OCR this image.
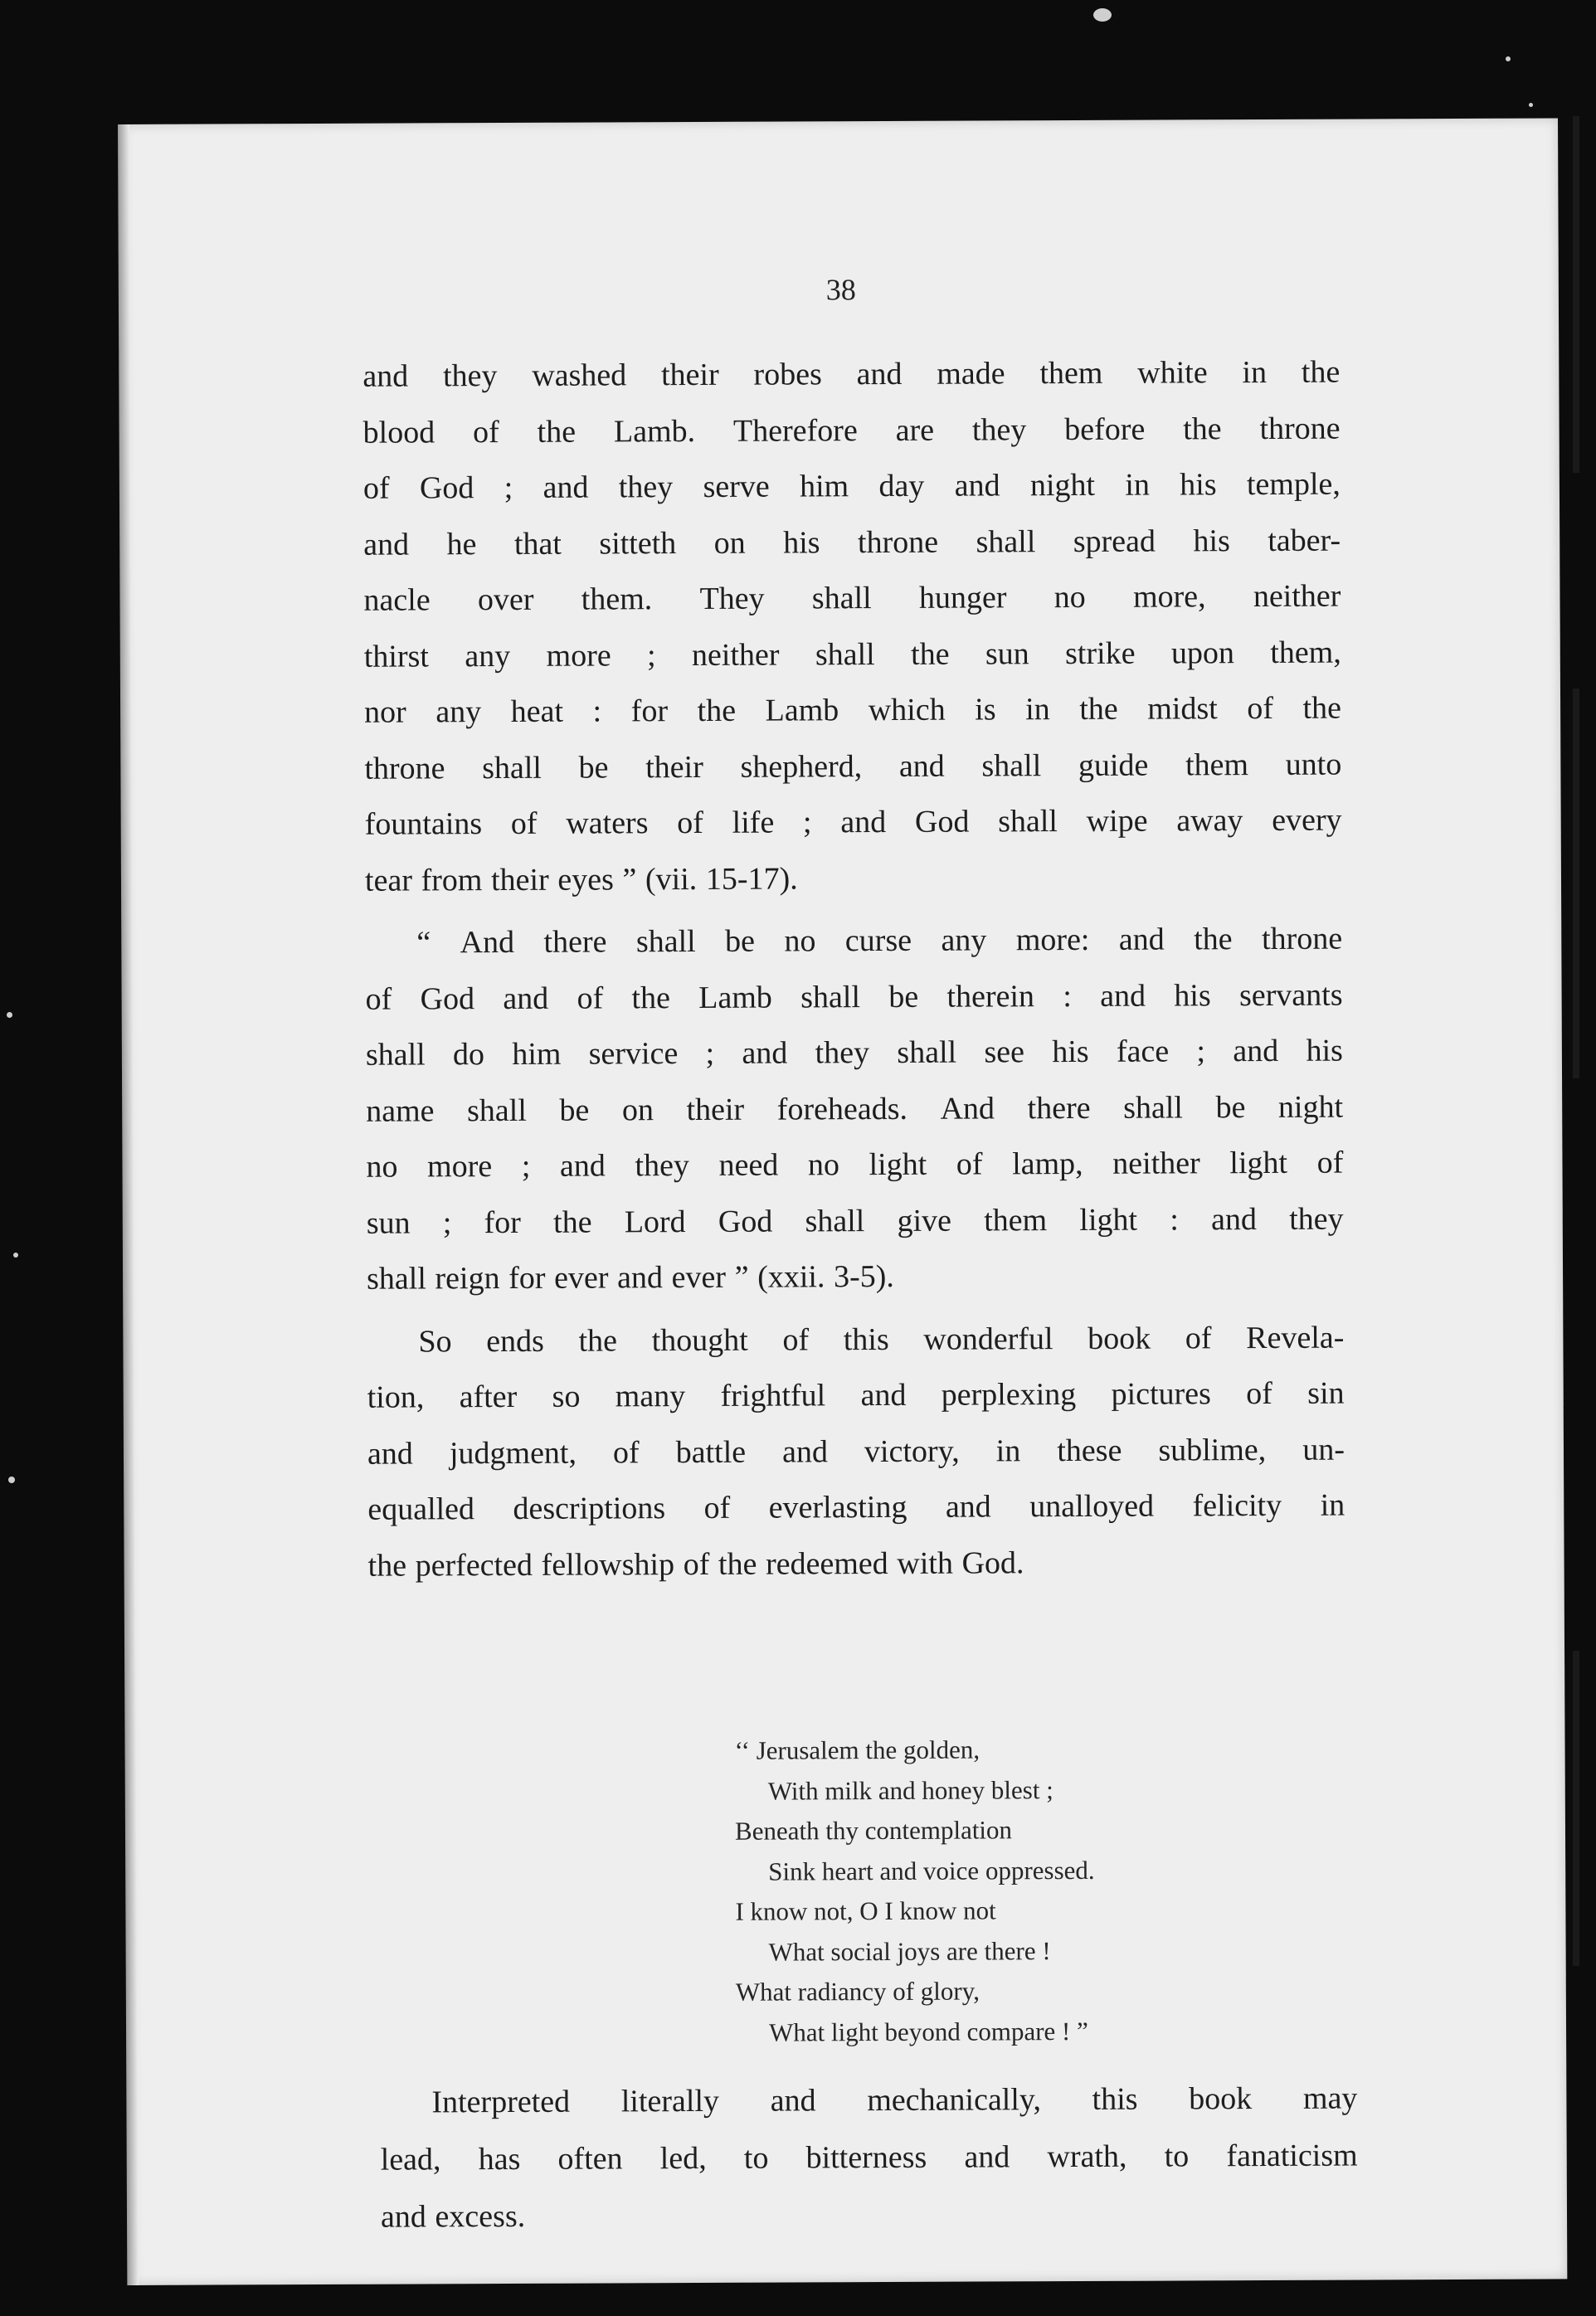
38
and they washed their robes and made them white in the
blood of the Lamb. Therefore are they before the throne
of God ; and they serve him day and night in his temple,
and he that sitteth on his throne shall spread his taber-
nacle over them. They shall hunger no more, neither
thirst any more ; neither shall the sun strike upon them,
nor any heat : for the Lamb which is in the midst of the
throne shall be their shepherd, and shall guide them unto
fountains of waters of life ; and God shall wipe away every
tear from their eyes ” (vii. 15-17).
“ And there shall be no curse any more: and the throne
of God and of the Lamb shall be therein : and his servants
shall do him service ; and they shall see his face ; and his
name shall be on their foreheads. And there shall be night
no more ; and they need no light of lamp, neither light of
sun ; for the Lord God shall give them light : and they
shall reign for ever and ever ” (xxii. 3-5).
So ends the thought of this wonderful book of Revela-
tion, after so many frightful and perplexing pictures of sin
and judgment, of battle and victory, in these sublime, un-
equalled descriptions of everlasting and unalloyed felicity in
the perfected fellowship of the redeemed with God.
‘‘ Jerusalem the golden,
With milk and honey blest ;
Beneath thy contemplation
Sink heart and voice oppressed.
I know not, O I know not
What social joys are there !
What radiancy of glory,
What light beyond compare ! ”
Interpreted literally and mechanically, this book may
lead, has often led, to bitterness and wrath, to fanaticism
and excess.
